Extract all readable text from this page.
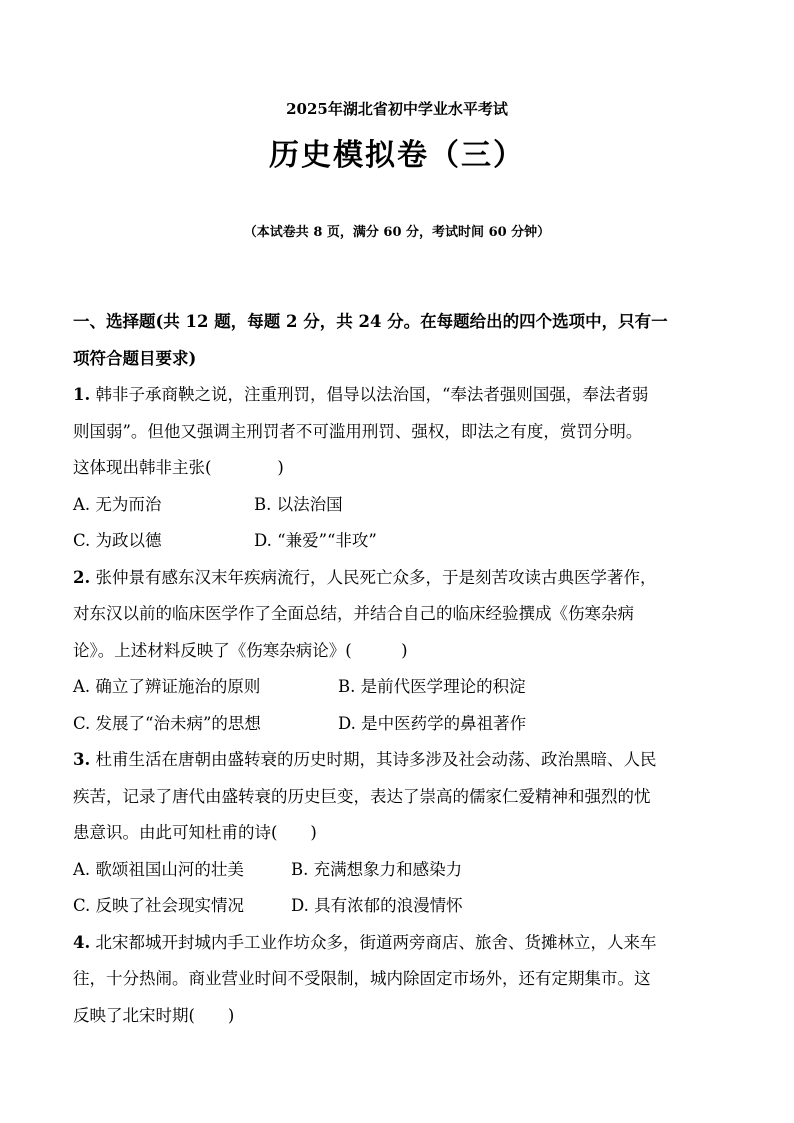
2025年湖北省初中学业水平考试
历史模拟卷（三）
（本试卷共 8 页，满分 60 分，考试时间 60 分钟）
一、选择题(共 12 题，每题 2 分，共 24 分。在每题给出的四个选项中，只有一
项符合题目要求)
1. 韩非子承商鞅之说，注重刑罚，倡导以法治国，“奉法者强则国强，奉法者弱
则国弱”。但他又强调主刑罚者不可滥用刑罚、强权，即法之有度，赏罚分明。
这体现出韩非主张(　　　　)
A. 无为而治	B. 以法治国
C. 为政以德	D. “兼爱”“非攻”
2. 张仲景有感东汉末年疾病流行，人民死亡众多，于是刻苦攻读古典医学著作，
对东汉以前的临床医学作了全面总结，并结合自己的临床经验撰成《伤寒杂病
论》。上述材料反映了《伤寒杂病论》(　　　)
A. 确立了辨证施治的原则	B. 是前代医学理论的积淀
C. 发展了“治未病”的思想	D. 是中医药学的鼻祖著作
3. 杜甫生活在唐朝由盛转衰的历史时期，其诗多涉及社会动荡、政治黑暗、人民
疾苦，记录了唐代由盛转衰的历史巨变，表达了崇高的儒家仁爱精神和强烈的忧
患意识。由此可知杜甫的诗(　　)
A. 歌颂祖国山河的壮美	B. 充满想象力和感染力
C. 反映了社会现实情况	D. 具有浓郁的浪漫情怀
4. 北宋都城开封城内手工业作坊众多，街道两旁商店、旅舍、货摊林立，人来车
往，十分热闹。商业营业时间不受限制，城内除固定市场外，还有定期集市。这
反映了北宋时期(　　)
